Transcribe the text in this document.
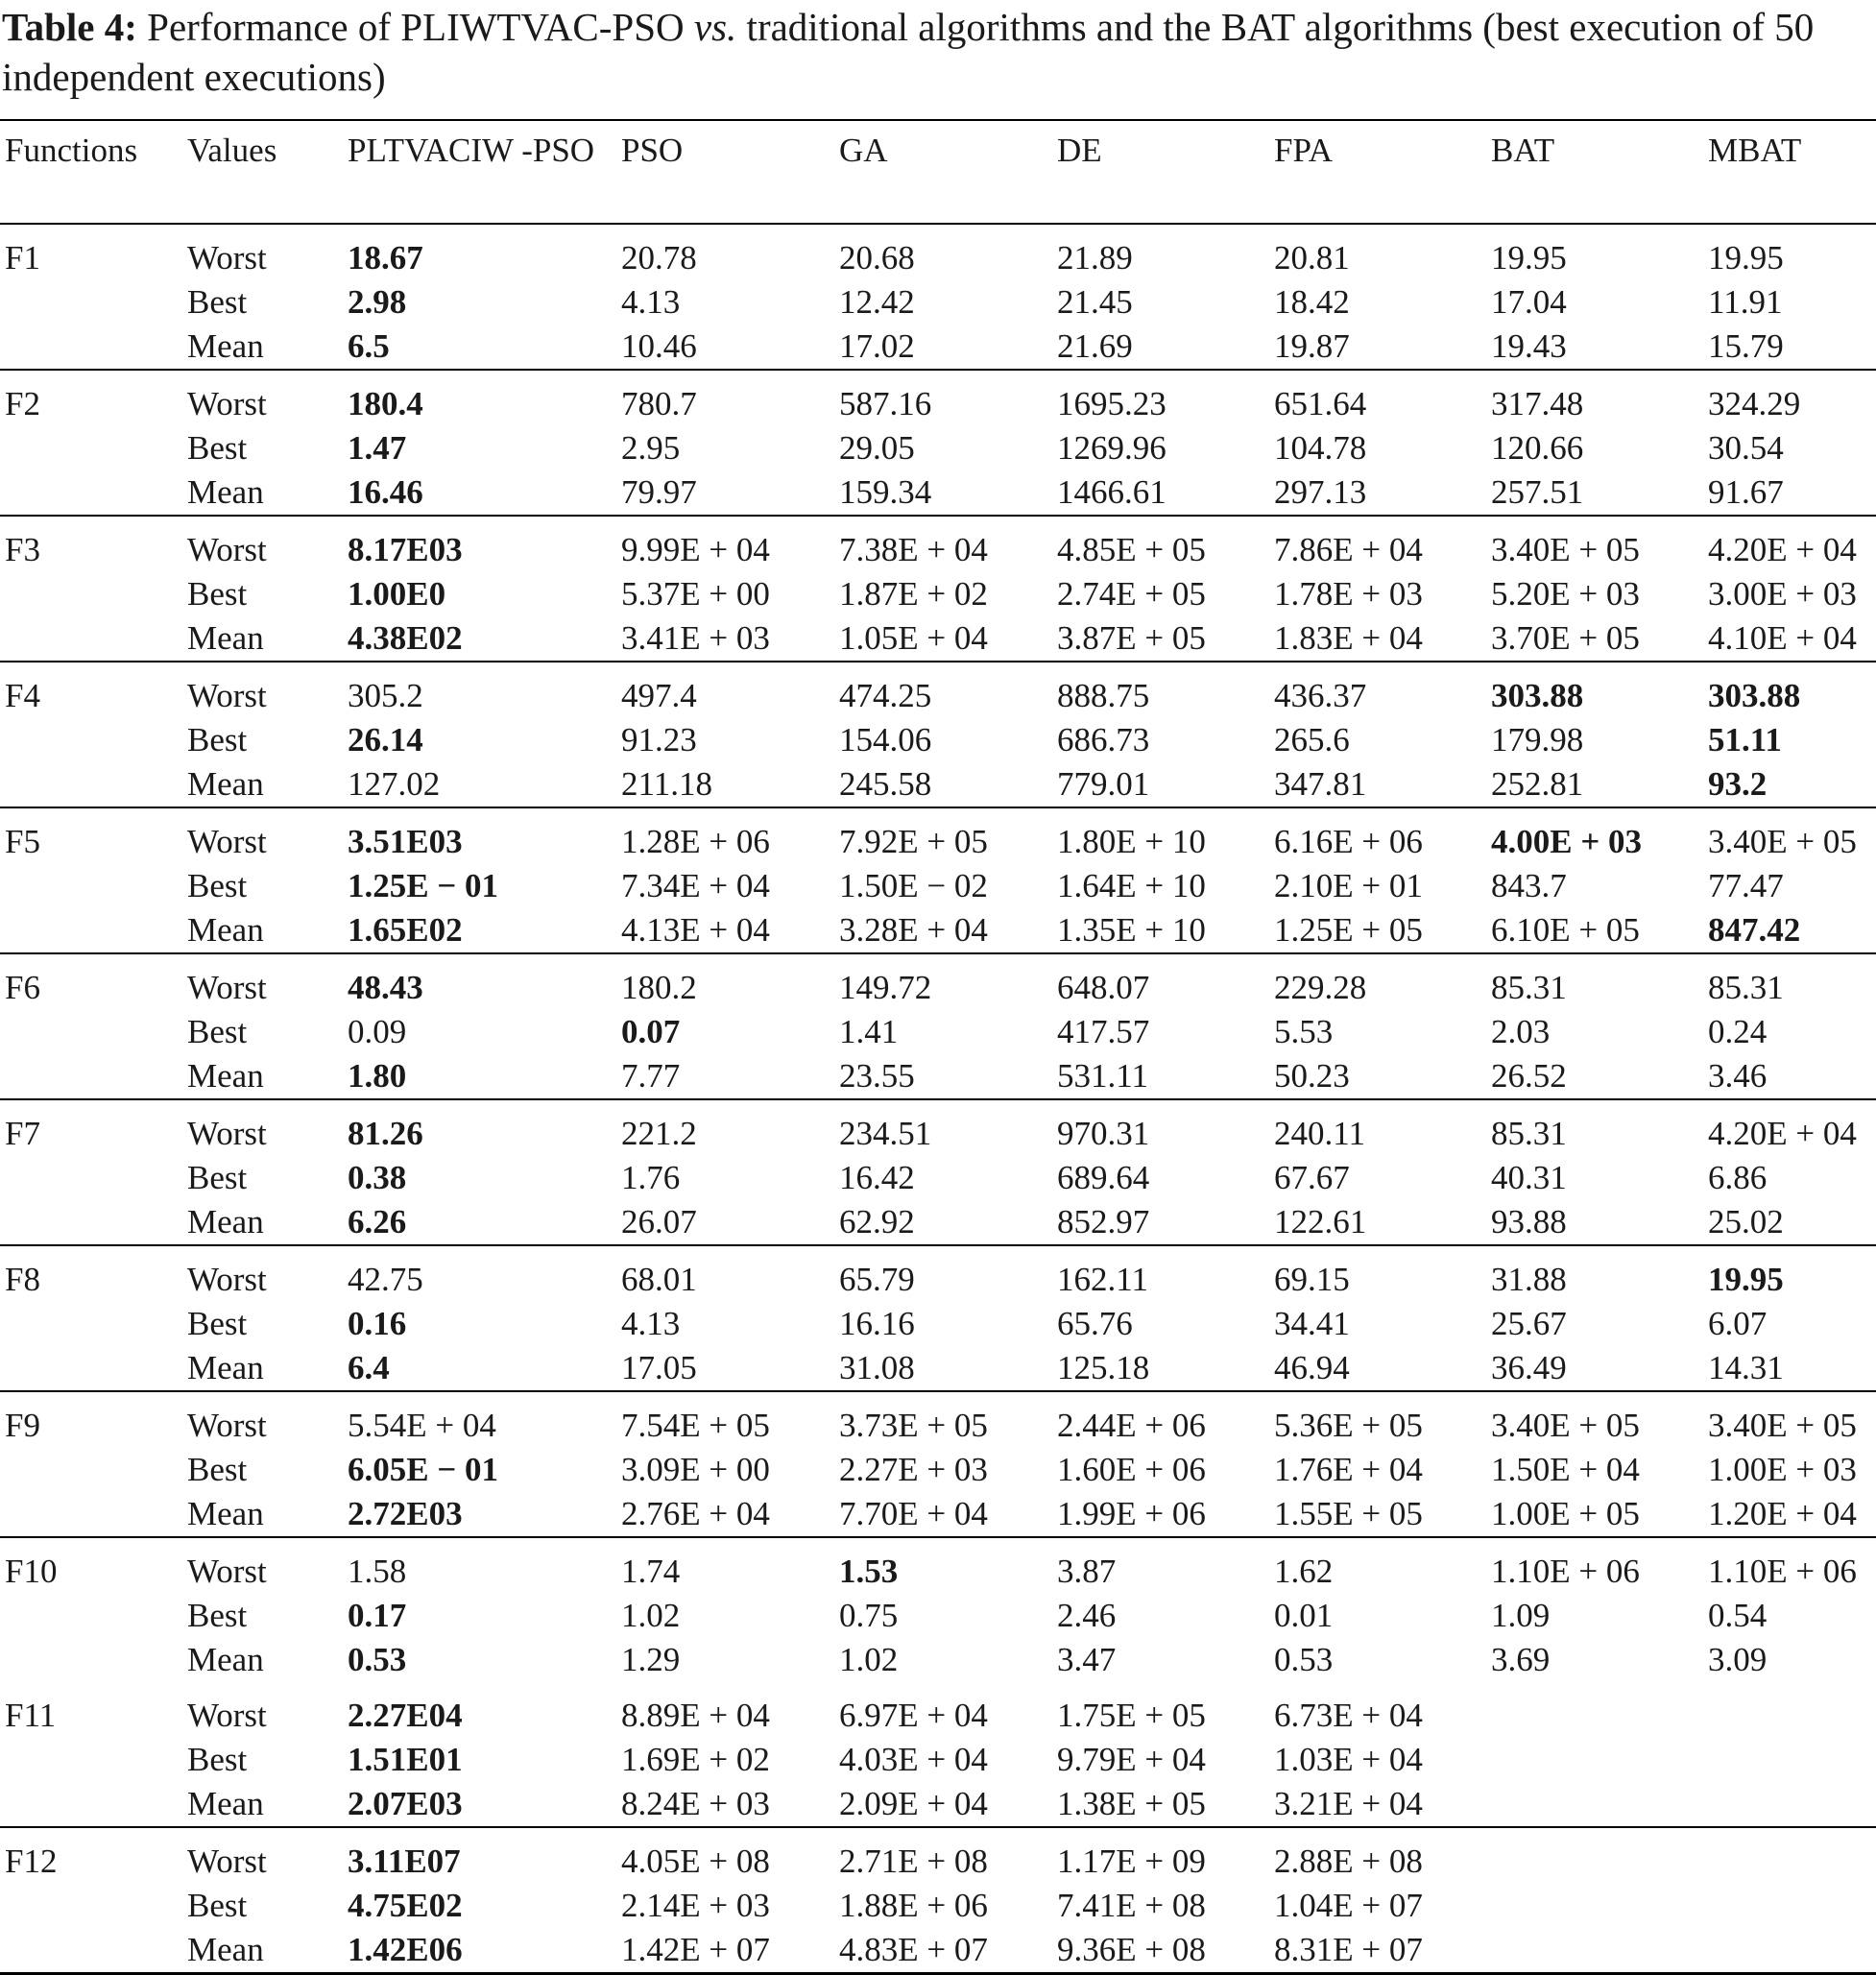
Table 4: Performance of PLIWTVAC-PSO vs. traditional algorithms and the BAT algorithms (best execution of 50 independent executions)
Functions	Values	PLTVACIW -PSO	PSO	GA	DE	FPA	BAT	MBAT
F1	Worst	18.67	20.78	20.68	21.89	20.81	19.95	19.95
	Best	2.98	4.13	12.42	21.45	18.42	17.04	11.91
	Mean	6.5	10.46	17.02	21.69	19.87	19.43	15.79
F2	Worst	180.4	780.7	587.16	1695.23	651.64	317.48	324.29
	Best	1.47	2.95	29.05	1269.96	104.78	120.66	30.54
	Mean	16.46	79.97	159.34	1466.61	297.13	257.51	91.67
F3	Worst	8.17E03	9.99E + 04	7.38E + 04	4.85E + 05	7.86E + 04	3.40E + 05	4.20E + 04
	Best	1.00E0	5.37E + 00	1.87E + 02	2.74E + 05	1.78E + 03	5.20E + 03	3.00E + 03
	Mean	4.38E02	3.41E + 03	1.05E + 04	3.87E + 05	1.83E + 04	3.70E + 05	4.10E + 04
F4	Worst	305.2	497.4	474.25	888.75	436.37	303.88	303.88
	Best	26.14	91.23	154.06	686.73	265.6	179.98	51.11
	Mean	127.02	211.18	245.58	779.01	347.81	252.81	93.2
F5	Worst	3.51E03	1.28E + 06	7.92E + 05	1.80E + 10	6.16E + 06	4.00E + 03	3.40E + 05
	Best	1.25E − 01	7.34E + 04	1.50E − 02	1.64E + 10	2.10E + 01	843.7	77.47
	Mean	1.65E02	4.13E + 04	3.28E + 04	1.35E + 10	1.25E + 05	6.10E + 05	847.42
F6	Worst	48.43	180.2	149.72	648.07	229.28	85.31	85.31
	Best	0.09	0.07	1.41	417.57	5.53	2.03	0.24
	Mean	1.80	7.77	23.55	531.11	50.23	26.52	3.46
F7	Worst	81.26	221.2	234.51	970.31	240.11	85.31	4.20E + 04
	Best	0.38	1.76	16.42	689.64	67.67	40.31	6.86
	Mean	6.26	26.07	62.92	852.97	122.61	93.88	25.02
F8	Worst	42.75	68.01	65.79	162.11	69.15	31.88	19.95
	Best	0.16	4.13	16.16	65.76	34.41	25.67	6.07
	Mean	6.4	17.05	31.08	125.18	46.94	36.49	14.31
F9	Worst	5.54E + 04	7.54E + 05	3.73E + 05	2.44E + 06	5.36E + 05	3.40E + 05	3.40E + 05
	Best	6.05E − 01	3.09E + 00	2.27E + 03	1.60E + 06	1.76E + 04	1.50E + 04	1.00E + 03
	Mean	2.72E03	2.76E + 04	7.70E + 04	1.99E + 06	1.55E + 05	1.00E + 05	1.20E + 04
F10	Worst	1.58	1.74	1.53	3.87	1.62	1.10E + 06	1.10E + 06
	Best	0.17	1.02	0.75	2.46	0.01	1.09	0.54
	Mean	0.53	1.29	1.02	3.47	0.53	3.69	3.09
F11	Worst	2.27E04	8.89E + 04	6.97E + 04	1.75E + 05	6.73E + 04		
	Best	1.51E01	1.69E + 02	4.03E + 04	9.79E + 04	1.03E + 04		
	Mean	2.07E03	8.24E + 03	2.09E + 04	1.38E + 05	3.21E + 04		
F12	Worst	3.11E07	4.05E + 08	2.71E + 08	1.17E + 09	2.88E + 08		
	Best	4.75E02	2.14E + 03	1.88E + 06	7.41E + 08	1.04E + 07		
	Mean	1.42E06	1.42E + 07	4.83E + 07	9.36E + 08	8.31E + 07		
